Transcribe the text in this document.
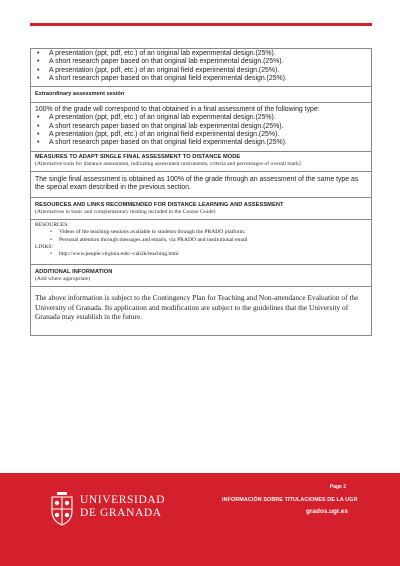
• A presentation (ppt, pdf, etc.) of an original lab experimental design.(25%).
• A short research paper based on that original lab experimental design.(25%).
• A presentation (ppt, pdf, etc.) of an original field experimental design.(25%).
• A short research paper based on that original field experimental design.(25%).
Extraordinary assessment sesión
100% of the grade will correspond to that obtained in a final assessment of the following type:
• A presentation (ppt, pdf, etc.) of an original lab experimental design.(25%).
• A short research paper based on that original lab experimental design.(25%).
• A presentation (ppt, pdf, etc.) of an original field experimental design.(25%).
• A short research paper based on that original field experimental design.(25%).
MEASURES TO ADAPT SINGLE FINAL ASSESSMENT TO DISTANCE MODE
(Alternative tools for distance assessment, indicating assessment instruments, criteria and percentages of overall mark)
The single final assessment is obtained as 100% of the grade through an assessment of the same type as the special exam described in the previous section.
RESOURCES AND LINKS RECOMMENDED FOR DISTANCE LEARNING AND ASSESSMENT
(Alternatives to basic and complementary reading included in the Course Guide)
RESOURCES:
• Videos of the teaching sessions available to students through the PRADO platform.
• Personal attention through messages and emails, via PRADO and institutional email
LINKS:
• http://www.people.virginia.edu/~cah2k/teaching.html
ADDITIONAL INFORMATION
(Add where appropriate)
The above information is subject to the Contingency Plan for Teaching and Non-attendance Evaluation of the University of Granada. Its application and modification are subject to the guidelines that the University of Granada may establish in the future.
UNIVERSIDAD
DE GRANADA
Page 2
INFORMACIÓN SOBRE TITULACIONES DE LA UGR
grados.ugr.es
